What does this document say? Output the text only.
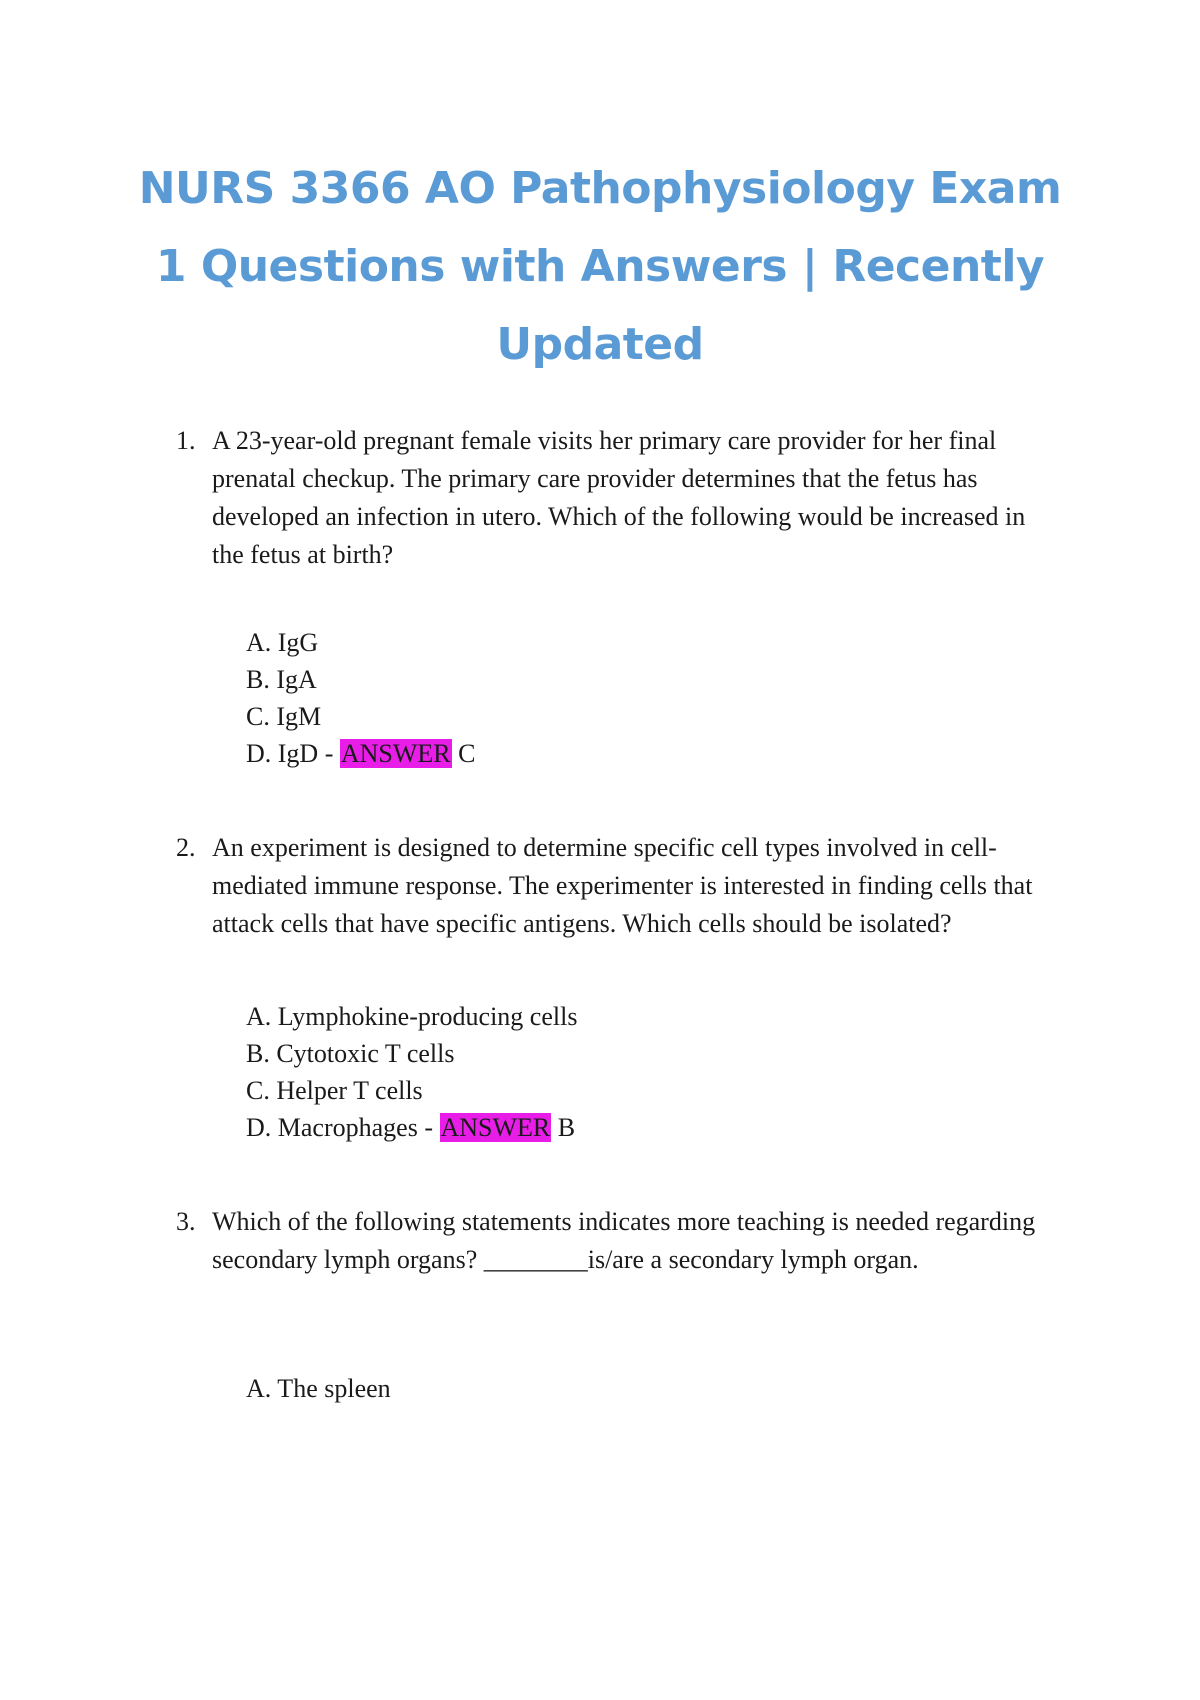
NURS 3366 AO Pathophysiology Exam
1 Questions with Answers | Recently
Updated
1. A 23-year-old pregnant female visits her primary care provider for her final prenatal checkup. The primary care provider determines that the fetus has developed an infection in utero. Which of the following would be increased in the fetus at birth?
A. IgG
B. IgA
C. IgM
D. IgD - ANSWER C
2. An experiment is designed to determine specific cell types involved in cell-mediated immune response. The experimenter is interested in finding cells that attack cells that have specific antigens. Which cells should be isolated?
A. Lymphokine-producing cells
B. Cytotoxic T cells
C. Helper T cells
D. Macrophages - ANSWER B
3. Which of the following statements indicates more teaching is needed regarding secondary lymph organs? ________is/are a secondary lymph organ.
A. The spleen
